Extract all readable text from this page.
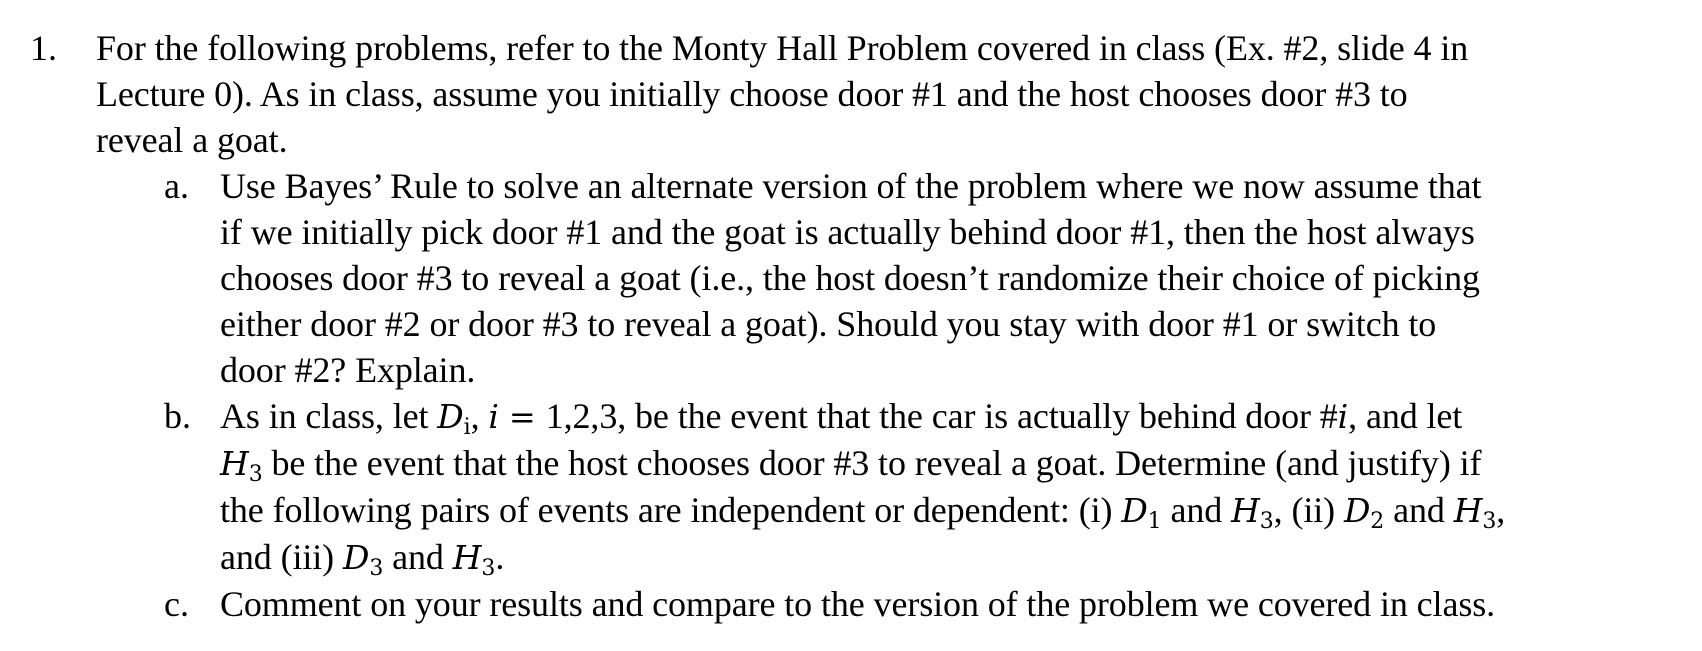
1. For the following problems, refer to the Monty Hall Problem covered in class (Ex. #2, slide 4 in
Lecture 0). As in class, assume you initially choose door #1 and the host chooses door #3 to
reveal a goat.
a. Use Bayes’ Rule to solve an alternate version of the problem where we now assume that
if we initially pick door #1 and the goat is actually behind door #1, then the host always
chooses door #3 to reveal a goat (i.e., the host doesn’t randomize their choice of picking
either door #2 or door #3 to reveal a goat). Should you stay with door #1 or switch to
door #2? Explain.
b. As in class, let $D_i$, i = 1,2,3, be the event that the car is actually behind door #i, and let
$H_3$ be the event that the host chooses door #3 to reveal a goat. Determine (and justify) if
the following pairs of events are independent or dependent: (i) $D_1$ and $H_3$, (ii) $D_2$ and $H_3$,
and (iii) $D_3$ and $H_3$.
c. Comment on your results and compare to the version of the problem we covered in class.
